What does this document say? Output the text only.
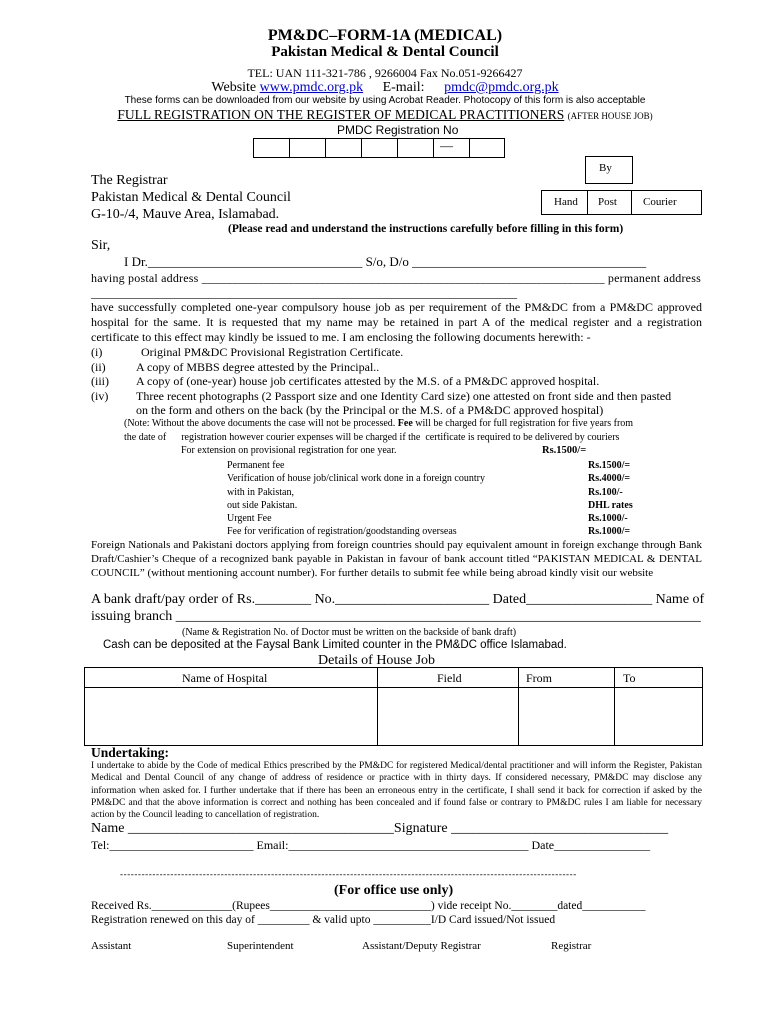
PM&DC–FORM-1A (MEDICAL)
Pakistan Medical & Dental Council
TEL: UAN 111-321-786 , 9266004 Fax No.051-9266427
Website www.pmdc.org.pk E-mail: pmdc@pmdc.org.pk
These forms can be downloaded from our website by using Acrobat Reader. Photocopy of this form is also acceptable
FULL REGISTRATION ON THE REGISTER OF MEDICAL PRACTITIONERS (AFTER HOUSE JOB)
PMDC Registration No
—
By
Hand Post Courier
The Registrar
Pakistan Medical & Dental Council
G-10-/4, Mauve Area, Islamabad.
(Please read and understand the instructions carefully before filling in this form)
Sir,
I Dr._________________________________ S/o, D/o ____________________________________
having postal address _________________________________________________________________ permanent address
_______________________________________________________________________
have successfully completed one-year compulsory house job as per requirement of the PM&DC from a PM&DC approved hospital for the same. It is requested that my name may be retained in part A of the medical register and a registration certificate to this effect may kindly be issued to me. I am enclosing the following documents herewith: -
(i)	Original PM&DC Provisional Registration Certificate.
(ii)	A copy of MBBS degree attested by the Principal..
(iii) A copy of (one-year) house job certificates attested by the M.S. of a PM&DC approved hospital.
(iv) Three recent photographs (2 Passport size and one Identity Card size) one attested on front side and then pasted
on the form and others on the back (by the Principal or the M.S. of a PM&DC approved hospital)
(Note: Without the above documents the case will not be processed. Fee will be charged for full registration for five years from
the date of      registration however courier expenses will be charged if the  certificate is required to be delivered by couriers
For extension on provisional registration for one year.	Rs.1500/=
Permanent fee	Rs.1500/=
Verification of house job/clinical work done in a foreign country	Rs.4000/=
with in Pakistan,	Rs.100/-
out side Pakistan.	DHL rates
Urgent Fee	Rs.1000/-
Fee for verification of registration/goodstanding overseas	Rs.1000/=
Foreign Nationals and Pakistani doctors applying from foreign countries should pay equivalent amount in foreign exchange through Bank Draft/Cashier’s Cheque of a recognized bank payable in Pakistan in favour of bank account titled “PAKISTAN MEDICAL & DENTAL COUNCIL” (without mentioning account number). For further details to submit fee while being abroad kindly visit our website
A bank draft/pay order of Rs.________ No.______________________ Dated__________________ Name of
issuing branch ___________________________________________________________________________
(Name & Registration No. of Doctor must be written on the backside of bank draft)
Cash can be deposited at the Faysal Bank Limited counter in the PM&DC office Islamabad.
Details of House Job
Name of Hospital	Field	From	To
Undertaking:
I undertake to abide by the Code of medical Ethics prescribed by the PM&DC for registered Medical/dental practitioner and will inform the Register, Pakistan Medical and Dental Council of any change of address of residence or practice with in thirty days. If considered necessary, PM&DC may disclose any information when asked for. I further undertake that if there has been an erroneous entry in the certificate, I shall send it back for correction if asked by the PM&DC and that the above information is correct and nothing has been concealed and if found false or contrary to PM&DC rules I am liable for necessary action by the Council leading to cancellation of registration.
Name ______________________________________Signature _______________________________
Tel:________________________ Email:________________________________________ Date________________
-------------------------------------------------------------------------------------------------------------------------------
(For office use only)
Received Rs.______________(Rupees____________________________) vide receipt No.________dated___________
Registration renewed on this day of _________ & valid upto __________I/D Card issued/Not issued
Assistant	Superintendent	Assistant/Deputy Registrar	Registrar
